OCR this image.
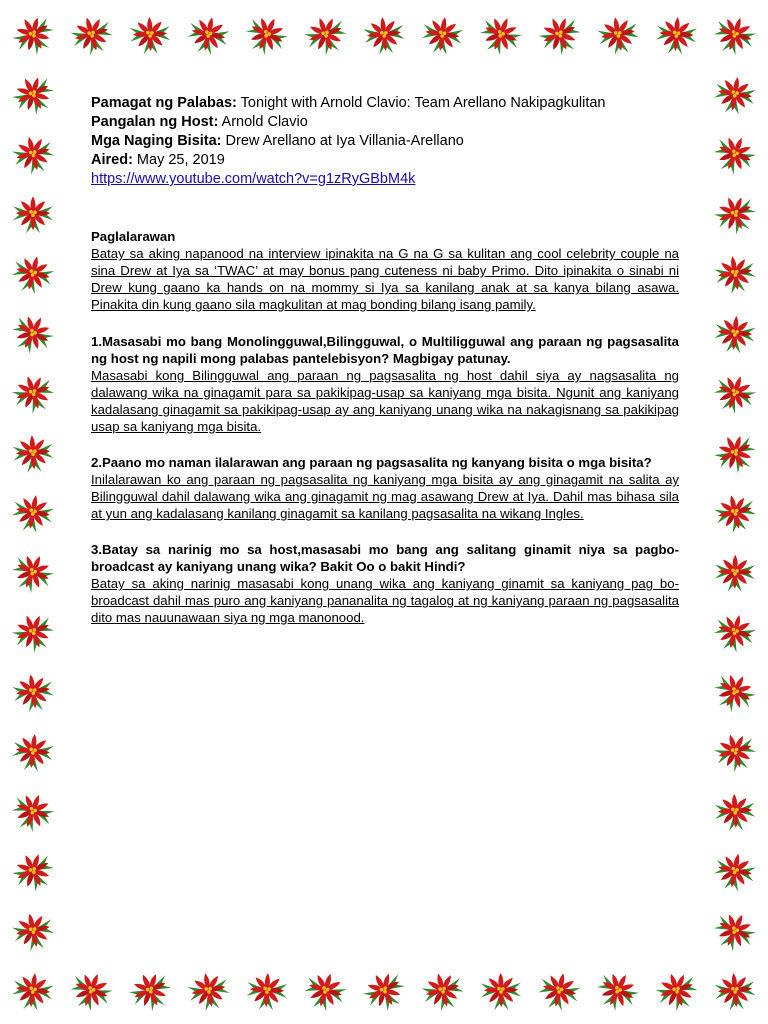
Pamagat ng Palabas: Tonight with Arnold Clavio: Team Arellano Nakipagkulitan
Pangalan ng Host: Arnold Clavio
Mga Naging Bisita: Drew Arellano at Iya Villania-Arellano
Aired: May 25, 2019
https://www.youtube.com/watch?v=g1zRyGBbM4k
Paglalarawan
Batay sa aking napanood na interview ipinakita na G na G sa kulitan ang cool celebrity couple na sina Drew at Iya sa ‘TWAC’ at may bonus pang cuteness ni baby Primo. Dito ipinakita o sinabi ni Drew kung gaano ka hands on na mommy si Iya sa kanilang anak at sa kanya bilang asawa. Pinakita din kung gaano sila magkulitan at mag bonding bilang isang pamily.
1.Masasabi mo bang Monolingguwal,Bilingguwal, o Multiligguwal ang paraan ng pagsasalita ng host ng napili mong palabas pantelebisyon? Magbigay patunay.
Masasabi kong Bilingguwal ang paraan ng pagsasalita ng host dahil siya ay nagsasalita ng dalawang wika na ginagamit para sa pakikipag-usap sa kaniyang mga bisita. Ngunit ang kaniyang kadalasang ginagamit sa pakikipag-usap ay ang kaniyang unang wika na nakagisnang sa pakikipag usap sa kaniyang mga bisita.
2.Paano mo naman ilalarawan ang paraan ng pagsasalita ng kanyang bisita o mga bisita?
Inilalarawan ko ang paraan ng pagsasalita ng kaniyang mga bisita ay ang ginagamit na salita ay Bilingguwal dahil dalawang wika ang ginagamit ng mag asawang Drew at Iya. Dahil mas bihasa sila at yun ang kadalasang kanilang ginagamit sa kanilang pagsasalita na wikang Ingles.
3.Batay sa narinig mo sa host,masasabi mo bang ang salitang ginamit niya sa pagbo-broadcast ay kaniyang unang wika? Bakit Oo o bakit Hindi?
Batay sa aking narinig masasabi kong unang wika ang kaniyang ginamit sa kaniyang pag bo-broadcast dahil mas puro ang kaniyang pananalita ng tagalog at ng kaniyang paraan ng pagsasalita dito mas nauunawaan siya ng mga manonood.
